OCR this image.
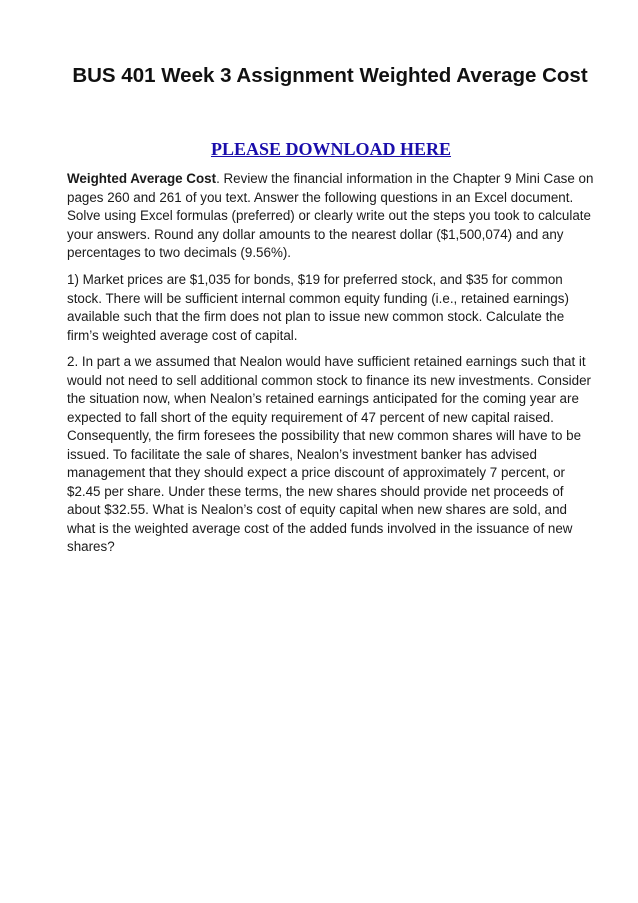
BUS 401 Week 3 Assignment Weighted Average Cost
PLEASE DOWNLOAD HERE

Weighted Average Cost. Review the financial information in the Chapter 9 Mini Case on pages 260 and 261 of you text. Answer the following questions in an Excel document. Solve using Excel formulas (preferred) or clearly write out the steps you took to calculate your answers. Round any dollar amounts to the nearest dollar ($1,500,074) and any percentages to two decimals (9.56%).

1) Market prices are $1,035 for bonds, $19 for preferred stock, and $35 for common stock. There will be sufficient internal common equity funding (i.e., retained earnings) available such that the firm does not plan to issue new common stock. Calculate the firm’s weighted average cost of capital.

2. In part a we assumed that Nealon would have sufficient retained earnings such that it would not need to sell additional common stock to finance its new investments. Consider the situation now, when Nealon’s retained earnings anticipated for the coming year are expected to fall short of the equity requirement of 47 percent of new capital raised. Consequently, the firm foresees the possibility that new common shares will have to be issued. To facilitate the sale of shares, Nealon’s investment banker has advised management that they should expect a price discount of approximately 7 percent, or $2.45 per share. Under these terms, the new shares should provide net proceeds of about $32.55. What is Nealon’s cost of equity capital when new shares are sold, and what is the weighted average cost of the added funds involved in the issuance of new shares?
